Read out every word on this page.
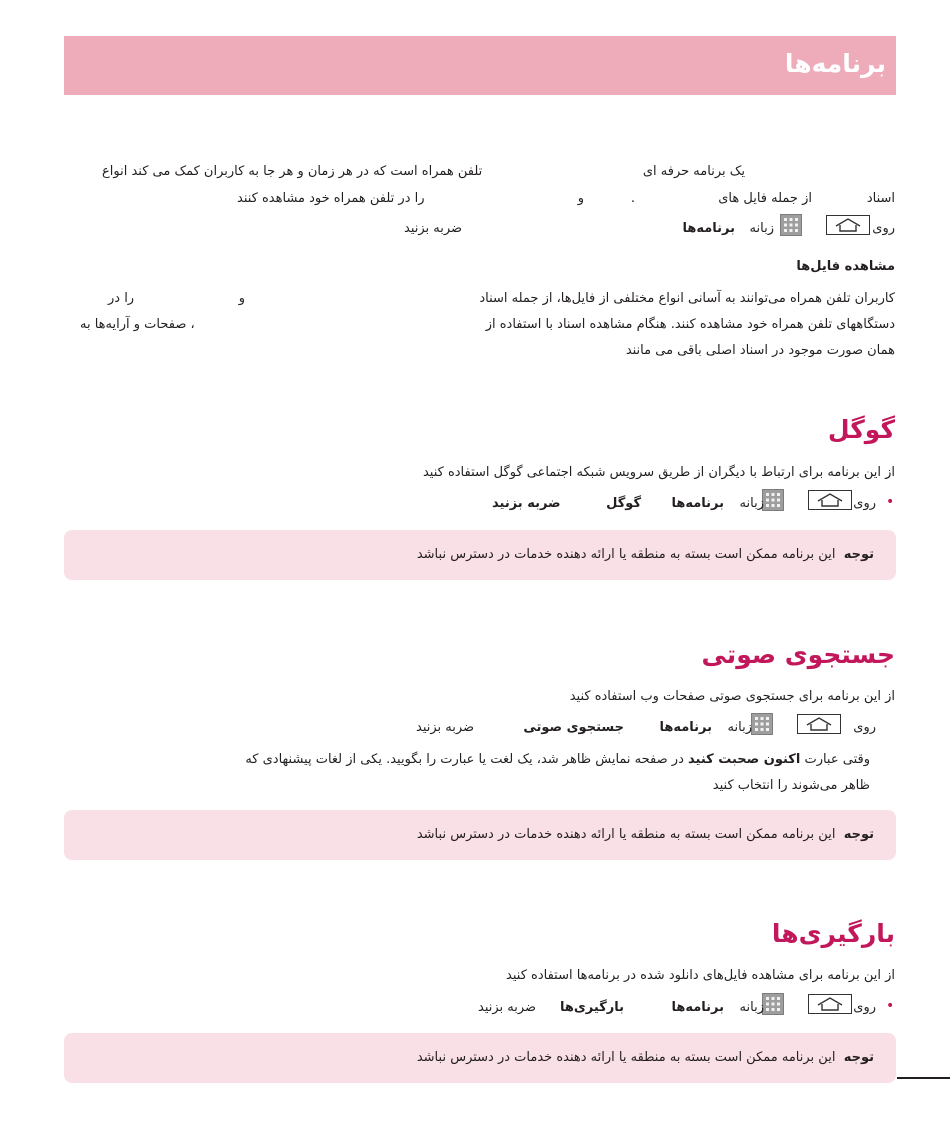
برنامه‌ها
یک برنامه حرفه ای
تلفن همراه است که در هر زمان و هر جا به کاربران کمک می کند انواع
اسناد
از جمله فایل های
.
و
را در تلفن همراه خود مشاهده کنند
روی
زبانه
برنامه‌ها
ضربه بزنید
مشاهده فایل‌ها
کاربران تلفن همراه می‌توانند به آسانی انواع مختلفی از فایل‌ها، از جمله اسناد
و
را در
دستگاههای تلفن همراه خود مشاهده کنند. هنگام مشاهده اسناد با استفاده از
، صفحات و آرایه‌ها به
همان صورت موجود در اسناد اصلی باقی می مانند
گوگل
از این برنامه برای ارتباط با دیگران از طریق سرویس شبکه اجتماعی گوگل استفاده کنید
•
روی
زبانه
برنامه‌ها
گوگل
ضربه بزنید
توجه  این برنامه ممکن است بسته به منطقه یا ارائه دهنده خدمات در دسترس نباشد
جستجوی صوتی
از این برنامه برای جستجوی صوتی صفحات وب استفاده کنید
روی
زبانه
برنامه‌ها
جستجوی صوتی
ضربه بزنید
وقتی عبارت اکنون صحبت کنید در صفحه نمایش ظاهر شد، یک لغت یا عبارت را بگویید. یکی از لغات پیشنهادی که
ظاهر می‌شوند را انتخاب کنید
توجه  این برنامه ممکن است بسته به منطقه یا ارائه دهنده خدمات در دسترس نباشد
بارگیری‌ها
از این برنامه برای مشاهده فایل‌های دانلود شده در برنامه‌ها استفاده کنید
•
روی
زبانه
برنامه‌ها
بارگیری‌ها
ضربه بزنید
توجه  این برنامه ممکن است بسته به منطقه یا ارائه دهنده خدمات در دسترس نباشد
